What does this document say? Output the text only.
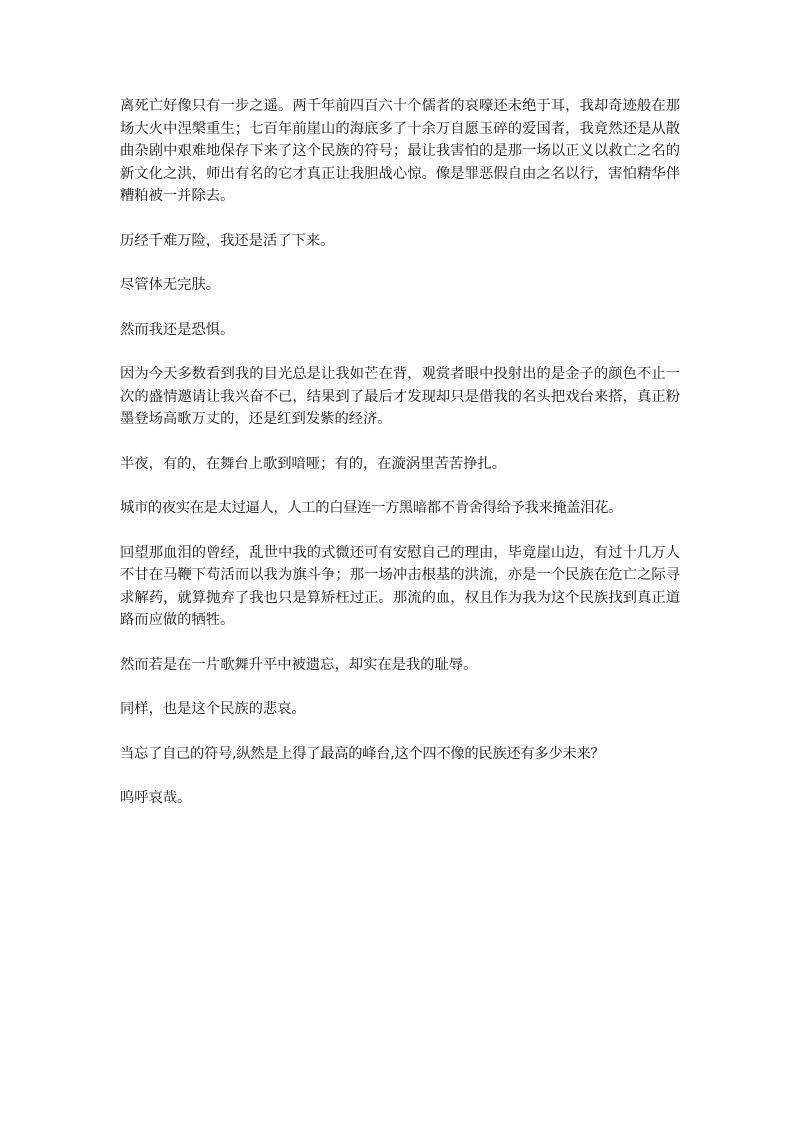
离死亡好像只有一步之遥。两千年前四百六十个儒者的哀嚎还未绝于耳，我却奇迹般在那场大火中涅槃重生；七百年前崖山的海底多了十余万自愿玉碎的爱国者，我竟然还是从散曲杂剧中艰难地保存下来了这个民族的符号；最让我害怕的是那一场以正义以救亡之名的新文化之洪，师出有名的它才真正让我胆战心惊。像是罪恶假自由之名以行，害怕精华伴糟粕被一并除去。

历经千难万险，我还是活了下来。

尽管体无完肤。

然而我还是恐惧。

因为今天多数看到我的目光总是让我如芒在背，观赏者眼中投射出的是金子的颜色不止一次的盛情邀请让我兴奋不已，结果到了最后才发现却只是借我的名头把戏台来搭，真正粉墨登场高歌万丈的，还是红到发紫的经济。

半夜，有的，在舞台上歌到喑哑；有的，在漩涡里苦苦挣扎。

城市的夜实在是太过逼人，人工的白昼连一方黑暗都不肯舍得给予我来掩盖泪花。

回望那血泪的曾经，乱世中我的式微还可有安慰自己的理由，毕竟崖山边，有过十几万人不甘在马鞭下苟活而以我为旗斗争；那一场冲击根基的洪流，亦是一个民族在危亡之际寻求解药，就算抛弃了我也只是算矫枉过正。那流的血，权且作为我为这个民族找到真正道路而应做的牺牲。

然而若是在一片歌舞升平中被遗忘，却实在是我的耻辱。

同样，也是这个民族的悲哀。

当忘了自己的符号,纵然是上得了最高的峰台,这个四不像的民族还有多少未来？

呜呼哀哉。
